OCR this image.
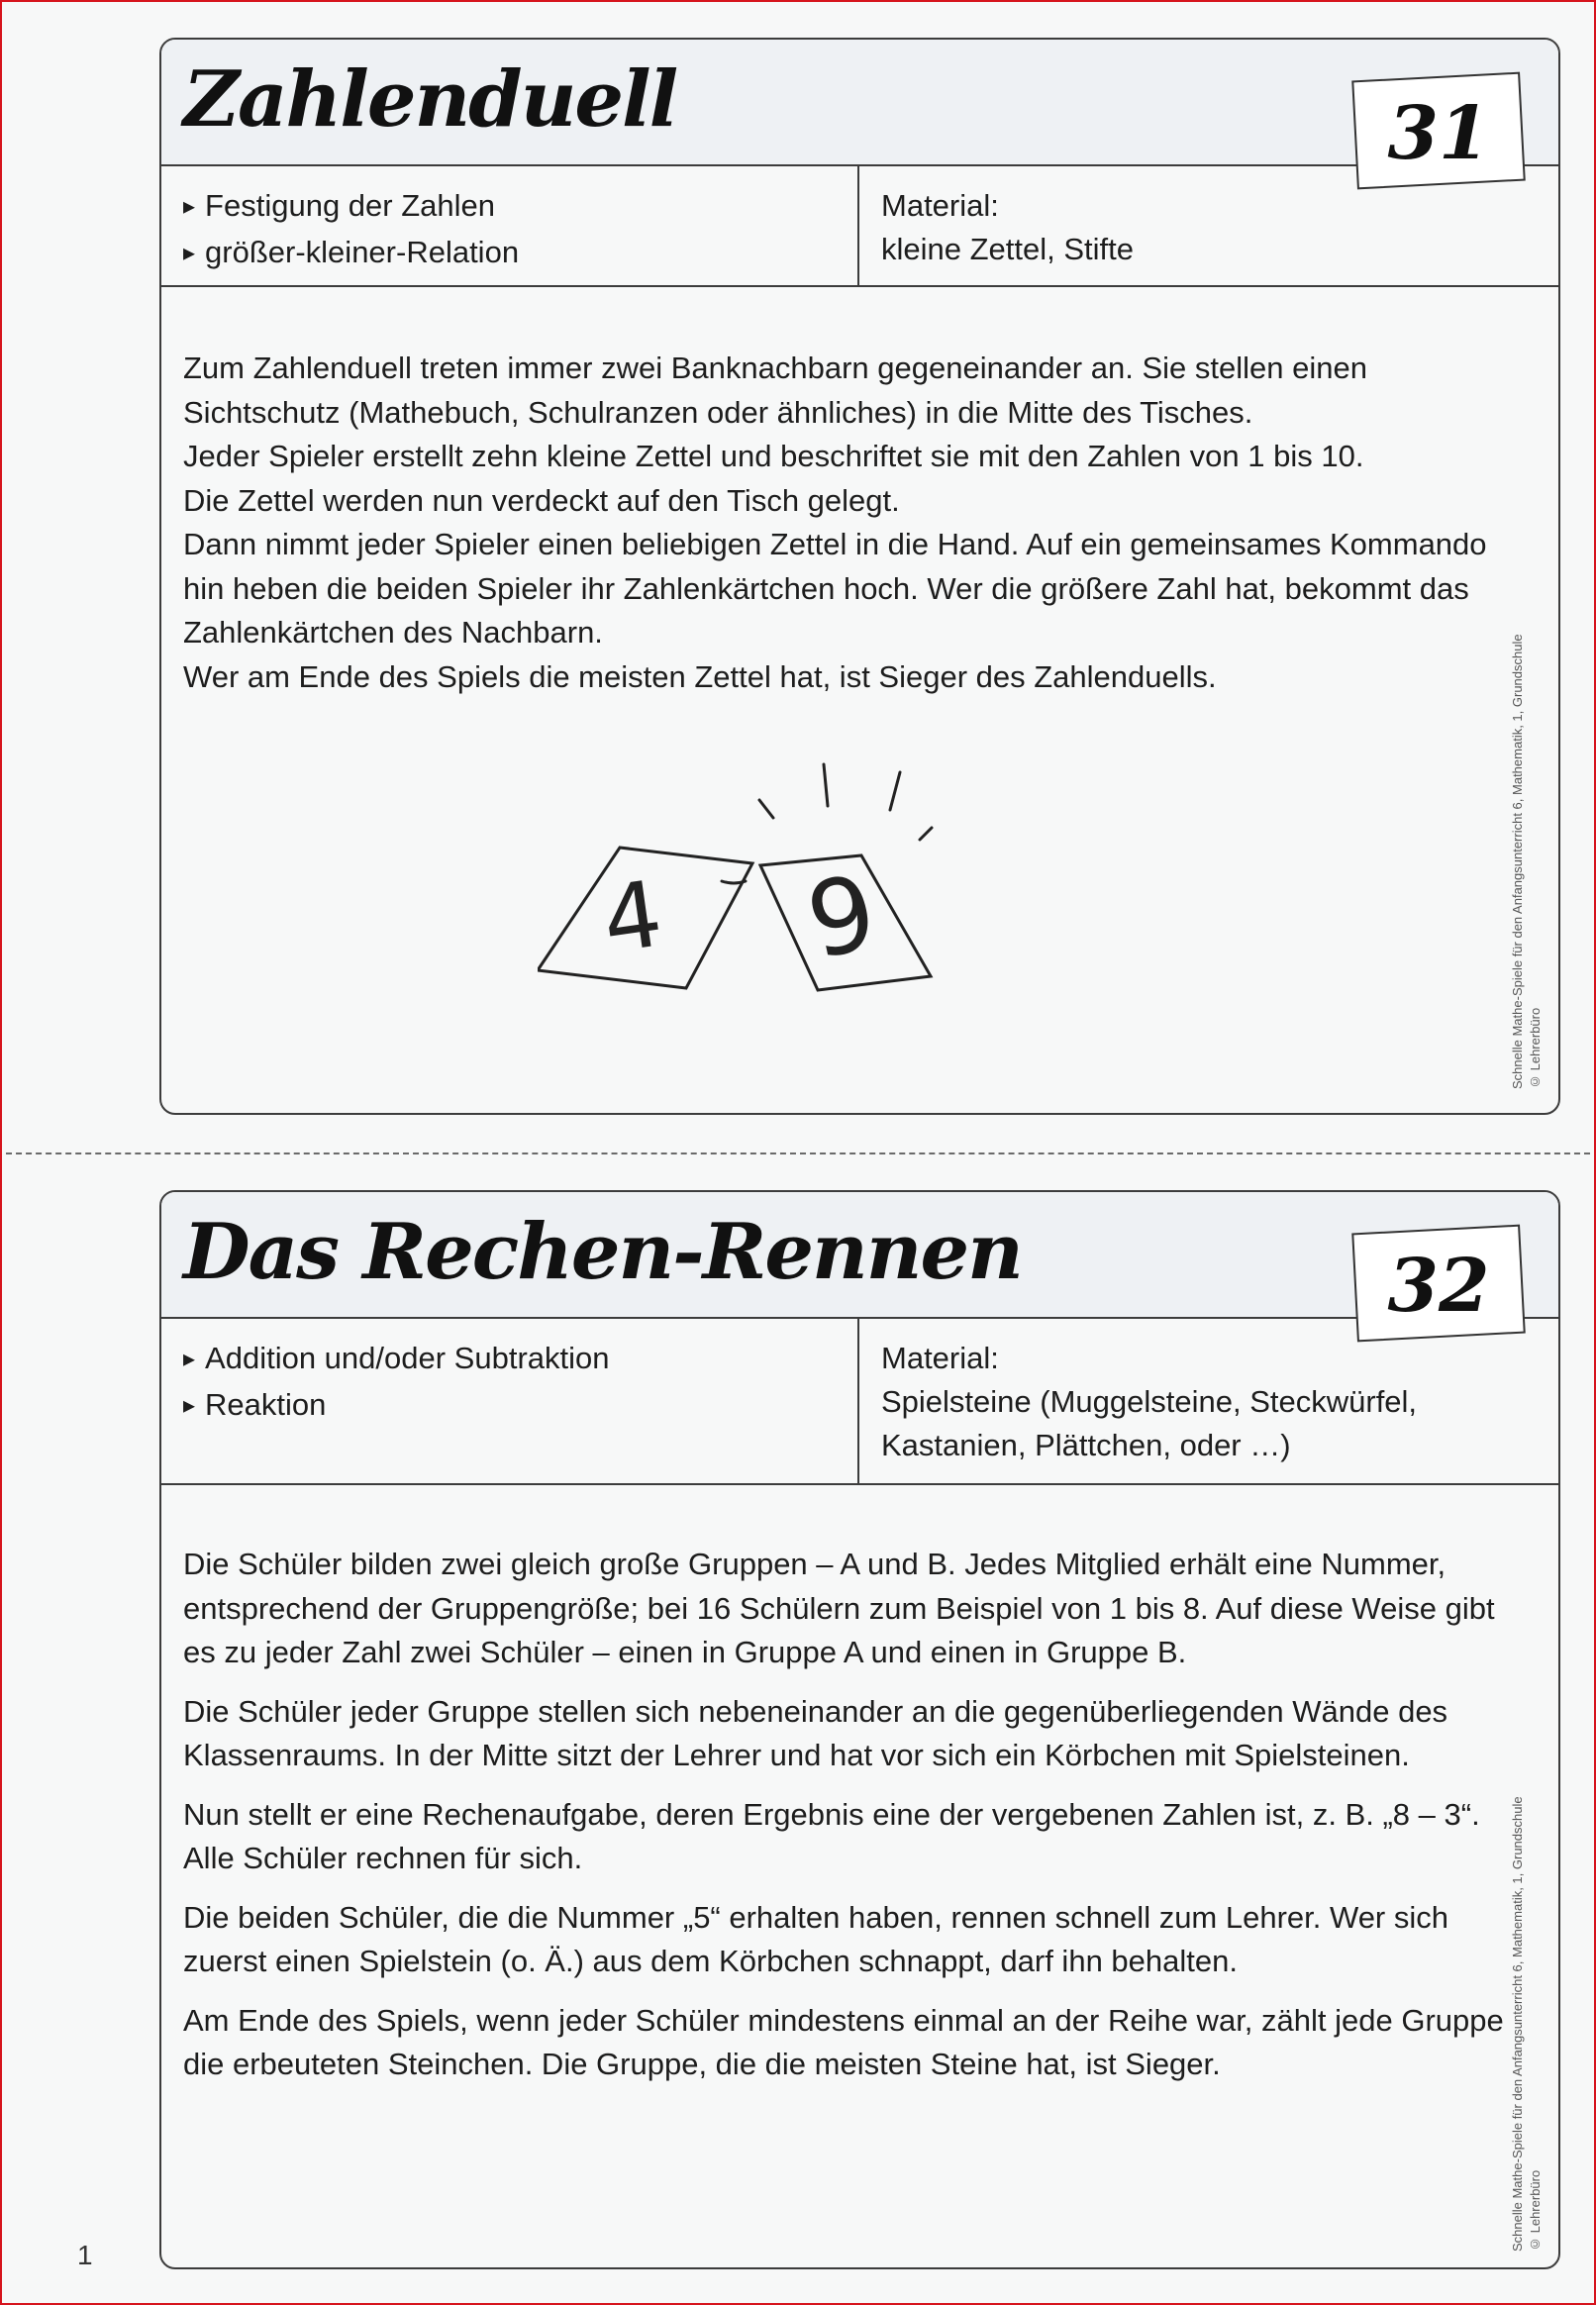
Zahlenduell	31
▸ Festigung der Zahlen
▸ größer-kleiner-Relation
Material:
kleine Zettel, Stifte

Zum Zahlenduell treten immer zwei Banknachbarn gegeneinander an. Sie stellen einen Sichtschutz (Mathebuch, Schulranzen oder ähnliches) in die Mitte des Tisches.

Jeder Spieler erstellt zehn kleine Zettel und beschriftet sie mit den Zahlen von 1 bis 10.

Die Zettel werden nun verdeckt auf den Tisch gelegt.

Dann nimmt jeder Spieler einen beliebigen Zettel in die Hand. Auf ein gemeinsames Kommando hin heben die beiden Spieler ihr Zahlenkärtchen hoch. Wer die größere Zahl hat, bekommt das Zahlenkärtchen des Nachbarn.

Wer am Ende des Spiels die meisten Zettel hat, ist Sieger des Zahlenduells.

4 9	Schnelle Mathe-Spiele für den Anfangsunterricht 6, Mathematik, 1, Grundschule © Lehrerbüro
Das Rechen-Rennen	32
▸ Addition und/oder Subtraktion
▸ Reaktion
Material:
Spielsteine (Muggelsteine, Steckwürfel,
Kastanien, Plättchen, oder …)

Die Schüler bilden zwei gleich große Gruppen – A und B. Jedes Mitglied erhält eine Nummer, entsprechend der Gruppengröße; bei 16 Schülern zum Beispiel von 1 bis 8. Auf diese Weise gibt es zu jeder Zahl zwei Schüler – einen in Gruppe A und einen in Gruppe B.

Die Schüler jeder Gruppe stellen sich nebeneinander an die gegenüberliegenden Wände des Klassenraums. In der Mitte sitzt der Lehrer und hat vor sich ein Körbchen mit Spielsteinen.

Nun stellt er eine Rechenaufgabe, deren Ergebnis eine der vergebenen Zahlen ist, z. B. „8 – 3“. Alle Schüler rechnen für sich.

Die beiden Schüler, die die Nummer „5“ erhalten haben, rennen schnell zum Lehrer. Wer sich zuerst einen Spielstein (o. Ä.) aus dem Körbchen schnappt, darf ihn behalten.

Am Ende des Spiels, wenn jeder Schüler mindestens einmal an der Reihe war, zählt jede Gruppe die erbeuteten Steinchen. Die Gruppe, die die meisten Steine hat, ist Sieger.	Schnelle Mathe-Spiele für den Anfangsunterricht 6, Mathematik, 1, Grundschule © Lehrerbüro
1
